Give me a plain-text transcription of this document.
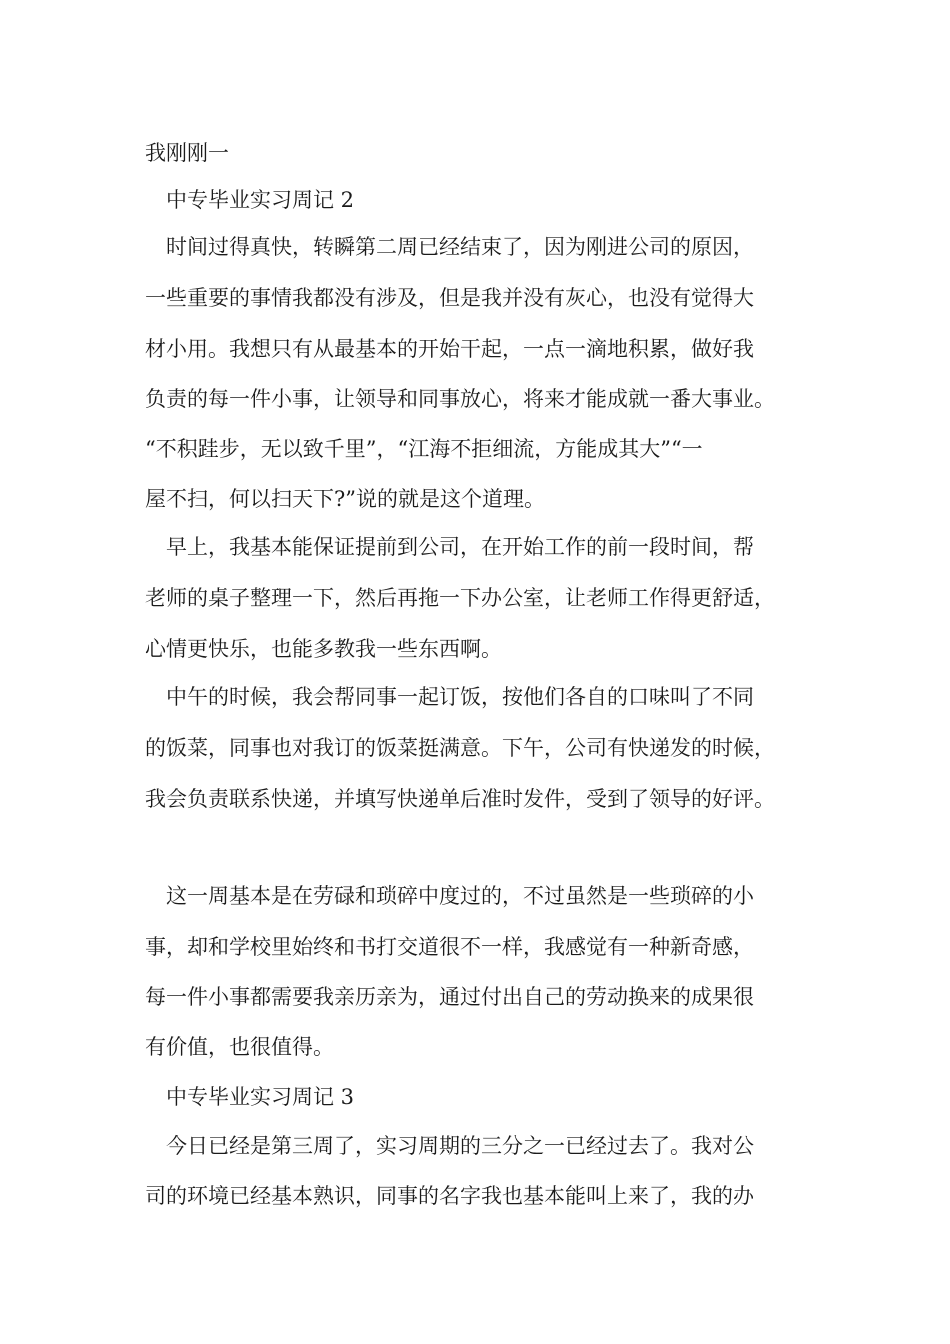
我刚刚一
中专毕业实习周记 2
时间过得真快，转瞬第二周已经结束了，因为刚进公司的原因，
一些重要的事情我都没有涉及，但是我并没有灰心，也没有觉得大
材小用。我想只有从最基本的开始干起，一点一滴地积累，做好我
负责的每一件小事，让领导和同事放心，将来才能成就一番大事业。
“不积跬步，无以致千里”，“江海不拒细流，方能成其大”“一
屋不扫，何以扫天下?”说的就是这个道理。
早上，我基本能保证提前到公司，在开始工作的前一段时间，帮
老师的桌子整理一下，然后再拖一下办公室，让老师工作得更舒适，
心情更快乐，也能多教我一些东西啊。
中午的时候，我会帮同事一起订饭，按他们各自的口味叫了不同
的饭菜，同事也对我订的饭菜挺满意。下午，公司有快递发的时候，
我会负责联系快递，并填写快递单后准时发件，受到了领导的好评。
这一周基本是在劳碌和琐碎中度过的，不过虽然是一些琐碎的小
事，却和学校里始终和书打交道很不一样，我感觉有一种新奇感，
每一件小事都需要我亲历亲为，通过付出自己的劳动换来的成果很
有价值，也很值得。
中专毕业实习周记 3
今日已经是第三周了，实习周期的三分之一已经过去了。我对公
司的环境已经基本熟识，同事的名字我也基本能叫上来了，我的办
